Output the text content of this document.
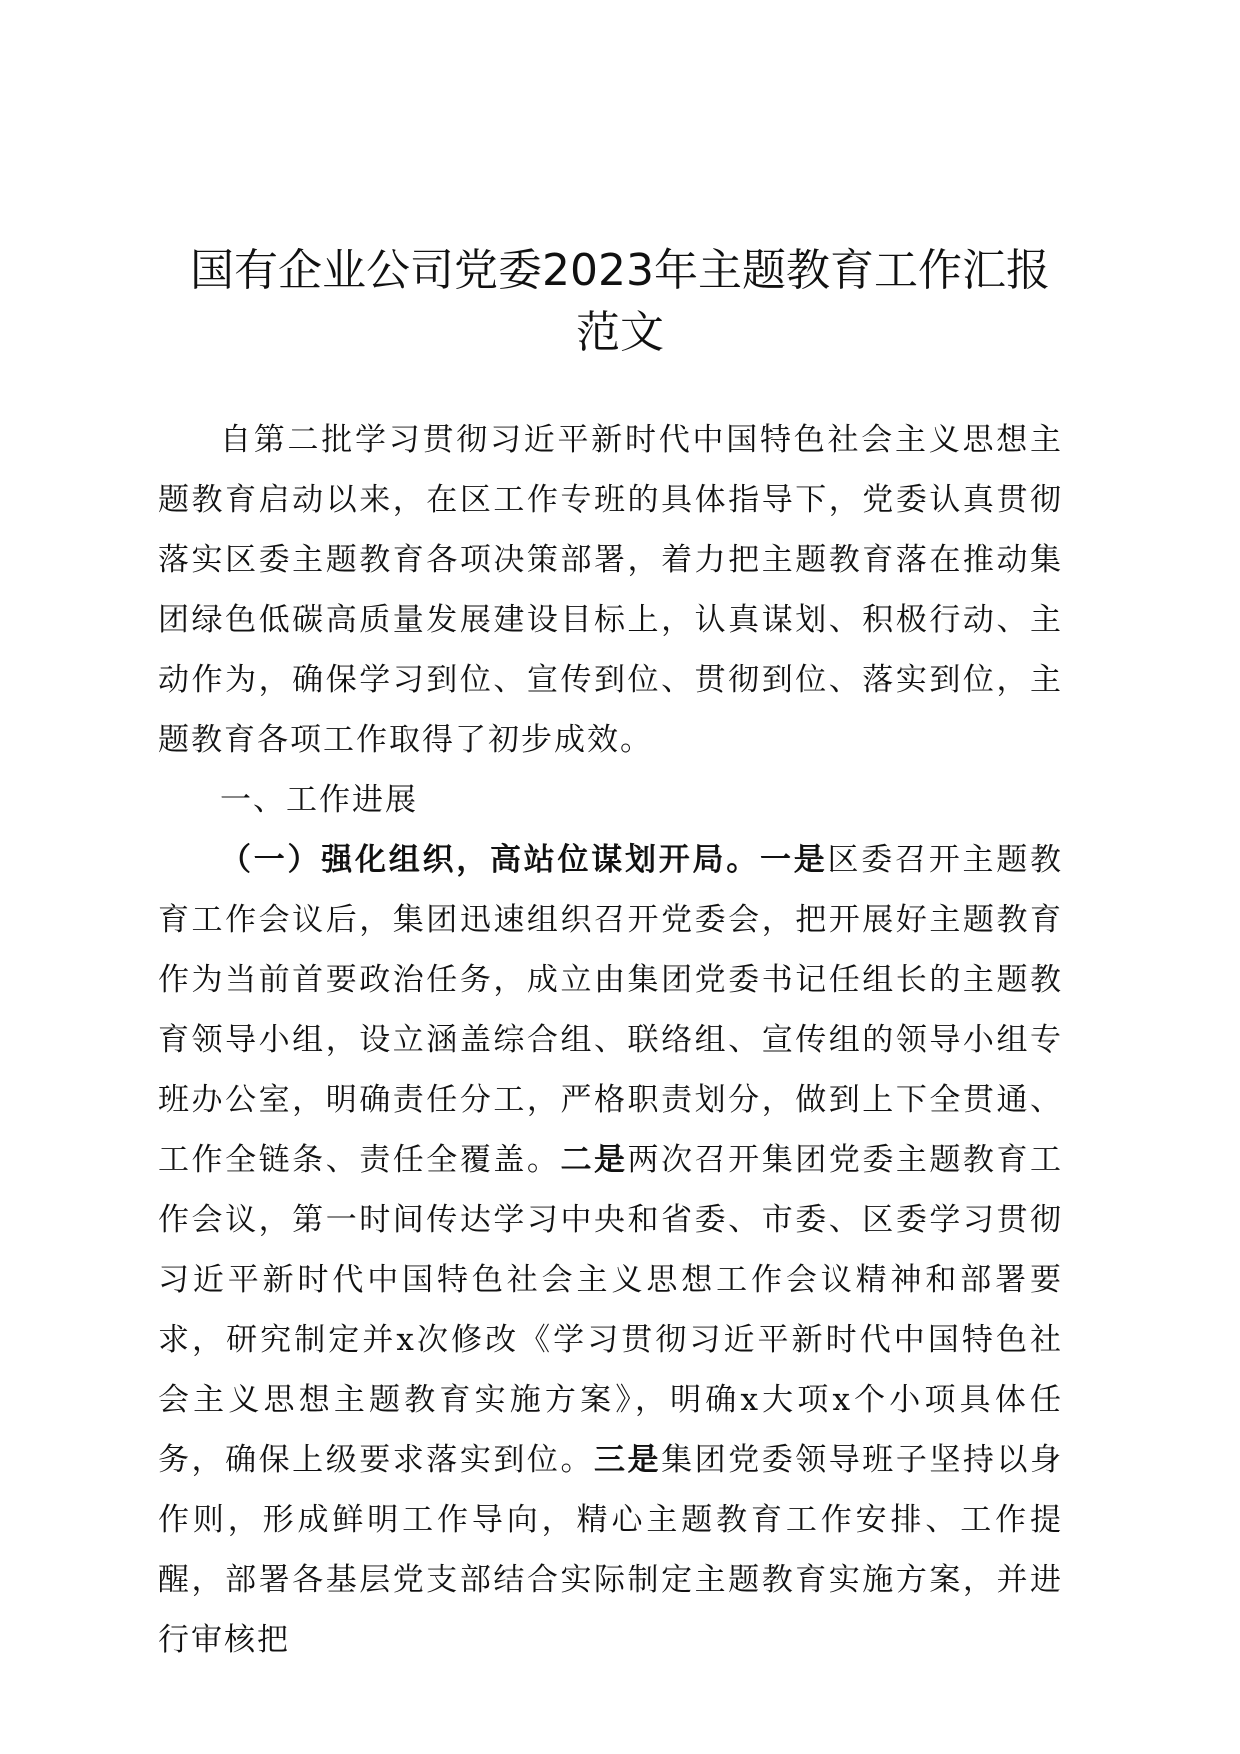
国有企业公司党委2023年主题教育工作汇报
范文

自第二批学习贯彻习近平新时代中国特色社会主义思想主题教育启动以来，在区工作专班的具体指导下，党委认真贯彻落实区委主题教育各项决策部署，着力把主题教育落在推动集团绿色低碳高质量发展建设目标上，认真谋划、积极行动、主动作为，确保学习到位、宣传到位、贯彻到位、落实到位，主题教育各项工作取得了初步成效。

一、工作进展

（一）强化组织，高站位谋划开局。一是区委召开主题教育工作会议后，集团迅速组织召开党委会，把开展好主题教育作为当前首要政治任务，成立由集团党委书记任组长的主题教育领导小组，设立涵盖综合组、联络组、宣传组的领导小组专班办公室，明确责任分工，严格职责划分，做到上下全贯通、工作全链条、责任全覆盖。二是两次召开集团党委主题教育工作会议，第一时间传达学习中央和省委、市委、区委学习贯彻习近平新时代中国特色社会主义思想工作会议精神和部署要求，研究制定并x次修改《学习贯彻习近平新时代中国特色社会主义思想主题教育实施方案》，明确x大项x个小项具体任务，确保上级要求落实到位。三是集团党委领导班子坚持以身作则，形成鲜明工作导向，精心主题教育工作安排、工作提醒，部署各基层党支部结合实际制定主题教育实施方案，并进行审核把
